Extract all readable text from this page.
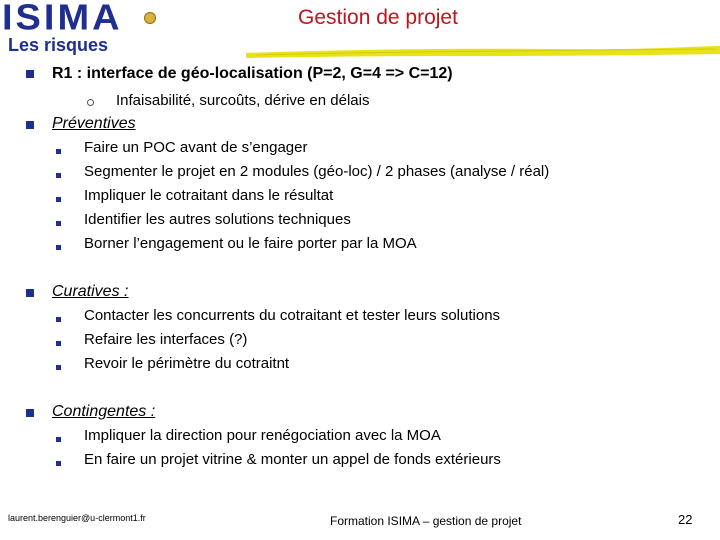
ISIMA	Gestion de projet
Les risques
R1 : interface de géo-localisation (P=2, G=4 => C=12)
Infaisabilité, surcoûts, dérive en délais
Préventives
Faire un POC avant de s’engager
Segmenter le projet en 2 modules (géo-loc) / 2 phases (analyse / réal)
Impliquer le cotraitant dans le résultat
Identifier les autres solutions techniques
Borner l’engagement ou le faire porter par la MOA
Curatives :
Contacter les concurrents du cotraitant et tester leurs solutions
Refaire les interfaces (?)
Revoir le périmètre du cotraitnt
Contingentes :
Impliquer la direction pour renégociation avec la MOA
En faire un projet vitrine & monter un appel de fonds extérieurs
laurent.berenguier@u-clermont1.fr	Formation ISIMA – gestion de projet	22
